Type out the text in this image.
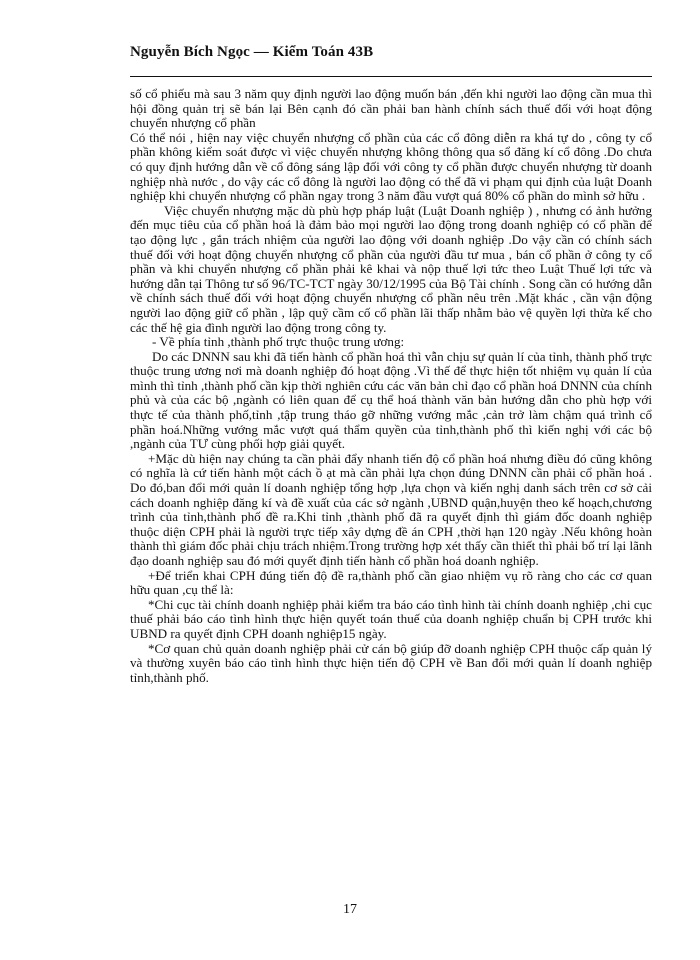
Nguyễn Bích Ngọc — Kiểm Toán 43B

số cổ phiếu mà sau 3 năm quy định người lao động muốn bán ,đến khi người lao động cần mua thì hội đồng quản trị sẽ bán lại Bên cạnh đó cần phải ban hành chính sách thuế đối với hoạt động chuyển nhượng cổ phần

Có thể nói , hiện nay việc chuyển nhượng cổ phần của các cổ đông diễn ra khá tự do , công ty cổ phần không kiểm soát được vì việc chuyển nhượng không thông qua sổ đăng kí cổ đông .Do chưa có quy định hướng dẫn về cổ đông sáng lập đối với công ty cổ phần được chuyển nhượng từ doanh nghiệp nhà nước , do vậy các cổ đông là người lao động có thể đã vi phạm qui định của luật Doanh nghiệp khi chuyển nhượng cổ phần ngay trong 3 năm đầu vượt quá 80% cổ phần do mình sở hữu .

Việc chuyển nhượng mặc dù phù hợp pháp luật (Luật Doanh nghiệp ) , nhưng có ảnh hưởng đến mục tiêu của cổ phần hoá là đảm bảo mọi người lao động trong doanh nghiệp có cổ phần để tạo động lực , gắn trách nhiệm của người lao động với doanh nghiệp .Do vậy cần có chính sách thuế đối với hoạt động chuyển nhượng cổ phần của người đầu tư mua , bán cổ phần ở công ty cổ phần và khi chuyển nhượng cổ phần phải kê khai và nộp thuế lợi tức theo Luật Thuế lợi tức và hướng dẫn tại Thông tư số 96/TC-TCT ngày 30/12/1995 của Bộ Tài chính . Song cần có hướng dẫn về chính sách thuế đối với hoạt động chuyển nhượng cổ phần nêu trên .Mặt khác , cần vận động người lao động giữ cổ phần , lập quỹ cầm cố cổ phần lãi thấp nhằm bảo vệ quyền lợi thừa kế cho các thế hệ gia đình người lao động trong công ty.

- Về phía tỉnh ,thành phố trực thuộc trung ương:

Do các DNNN sau khi đã tiến hành cổ phần hoá thì vẫn chịu sự quản lí của tỉnh, thành phố trực thuộc trung ương nơi mà doanh nghiệp đó hoạt động .Vì thế để thực hiện tốt nhiệm vụ quản lí của mình thì tỉnh ,thành phố cần kịp thời nghiên cứu các văn bản chỉ đạo cổ phần hoá DNNN của chính phủ và của các bộ ,ngành có liên quan để cụ thể hoá thành văn bản hướng dẫn cho phù hợp với thực tế của thành phố,tỉnh ,tập trung tháo gỡ những vướng mắc ,cản trở làm chậm quá trình cổ phần hoá.Những vướng mắc vượt quá thẩm quyền của tỉnh,thành phố thì kiến nghị với các bộ ,ngành của TƯ cùng phối hợp giải quyết.

+Mặc dù hiện nay chúng ta cần phải đẩy nhanh tiến độ cổ phần hoá nhưng điều đó cũng không có nghĩa là cứ tiến hành một cách ồ ạt mà cần phải lựa chọn đúng DNNN cần phải cổ phần hoá . Do đó,ban đổi mới quản lí doanh nghiệp tổng hợp ,lựa chọn và kiến nghị danh sách trên cơ sở cải cách doanh nghiệp đăng kí và đề xuất của các sở ngành ,UBND quận,huyện theo kế hoạch,chương trình của tỉnh,thành phố đề ra.Khi tỉnh ,thành phố đã ra quyết định thì giám đốc doanh nghiệp thuộc diện CPH phải là người trực tiếp xây dựng đề án CPH ,thời hạn 120 ngày .Nếu không hoàn thành thì giám đốc phải chịu trách nhiệm.Trong trường hợp xét thấy cần thiết thì phải bố trí lại lãnh đạo doanh nghiệp sau đó mới quyết định tiến hành cổ phần hoá doanh nghiệp.

+Để triển khai CPH đúng tiến độ đề ra,thành phố cần giao nhiệm vụ rõ ràng cho các cơ quan hữu quan ,cụ thể là:

*Chi cục tài chính doanh nghiệp phải kiểm tra báo cáo tình hình tài chính doanh nghiệp ,chi cục thuế phải báo cáo tình hình thực hiện quyết toán thuế của doanh nghiệp chuẩn bị CPH trước khi UBND ra quyết định CPH doanh nghiệp15 ngày.

*Cơ quan chủ quản doanh nghiệp phải cử cán bộ giúp đỡ doanh nghiệp CPH thuộc cấp quản lý và thường xuyên báo cáo tình hình thực hiện tiến độ CPH về Ban đổi mới quản lí doanh nghiệp tỉnh,thành phố.

17
